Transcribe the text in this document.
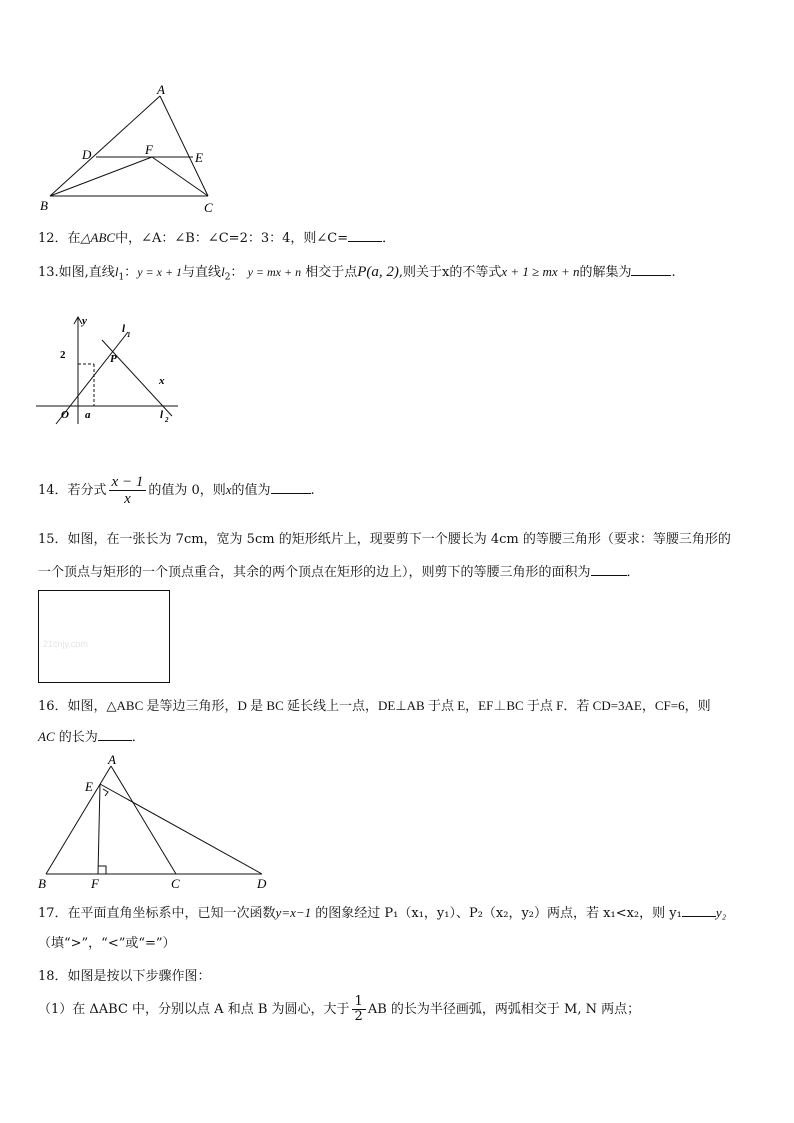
A
D	F
E
B	C
12．在△ABC中，∠A：∠B：∠C=2：3：4，则∠C=	．
13.如图,直线$l_1$：y = x + 1与直线$l_2$： y = mx + n 相交于点P(a, 2),则关于x的不等式x + 1 ≥ mx + n的解集为	.
y
l 1
2	P
x
O a	l 2
14．若分式 $\frac{x - 1}{x}$ 的值为 0，则x的值为	.
15．如图，在一张长为 7cm，宽为 5cm 的矩形纸片上，现要剪下一个腰长为 4cm 的等腰三角形（要求：等腰三角形的
一个顶点与矩形的一个顶点重合，其余的两个顶点在矩形的边上），则剪下的等腰三角形的面积为	．
21cnjy.com
16．如图，△ABC 是等边三角形，D 是 BC 延长线上一点，DE⊥AB 于点 E，EF⊥BC 于点 F．若 CD=3AE，CF=6，则
AC 的长为	．
A
E
B	F	C	D
17．在平面直角坐标系中，已知一次函数y=x−1 的图象经过 P₁（x₁，y₁）、P₂（x₂，y₂）两点，若 x₁<x₂，则 y₁	y₂
（填“>”，“<”或“=”）
18．如图是按以下步骤作图：
（1）在 ΔABC 中，分别以点 A 和点 B 为圆心，大于 $\frac{1}{2}$ AB 的长为半径画弧，两弧相交于 M, N 两点；
